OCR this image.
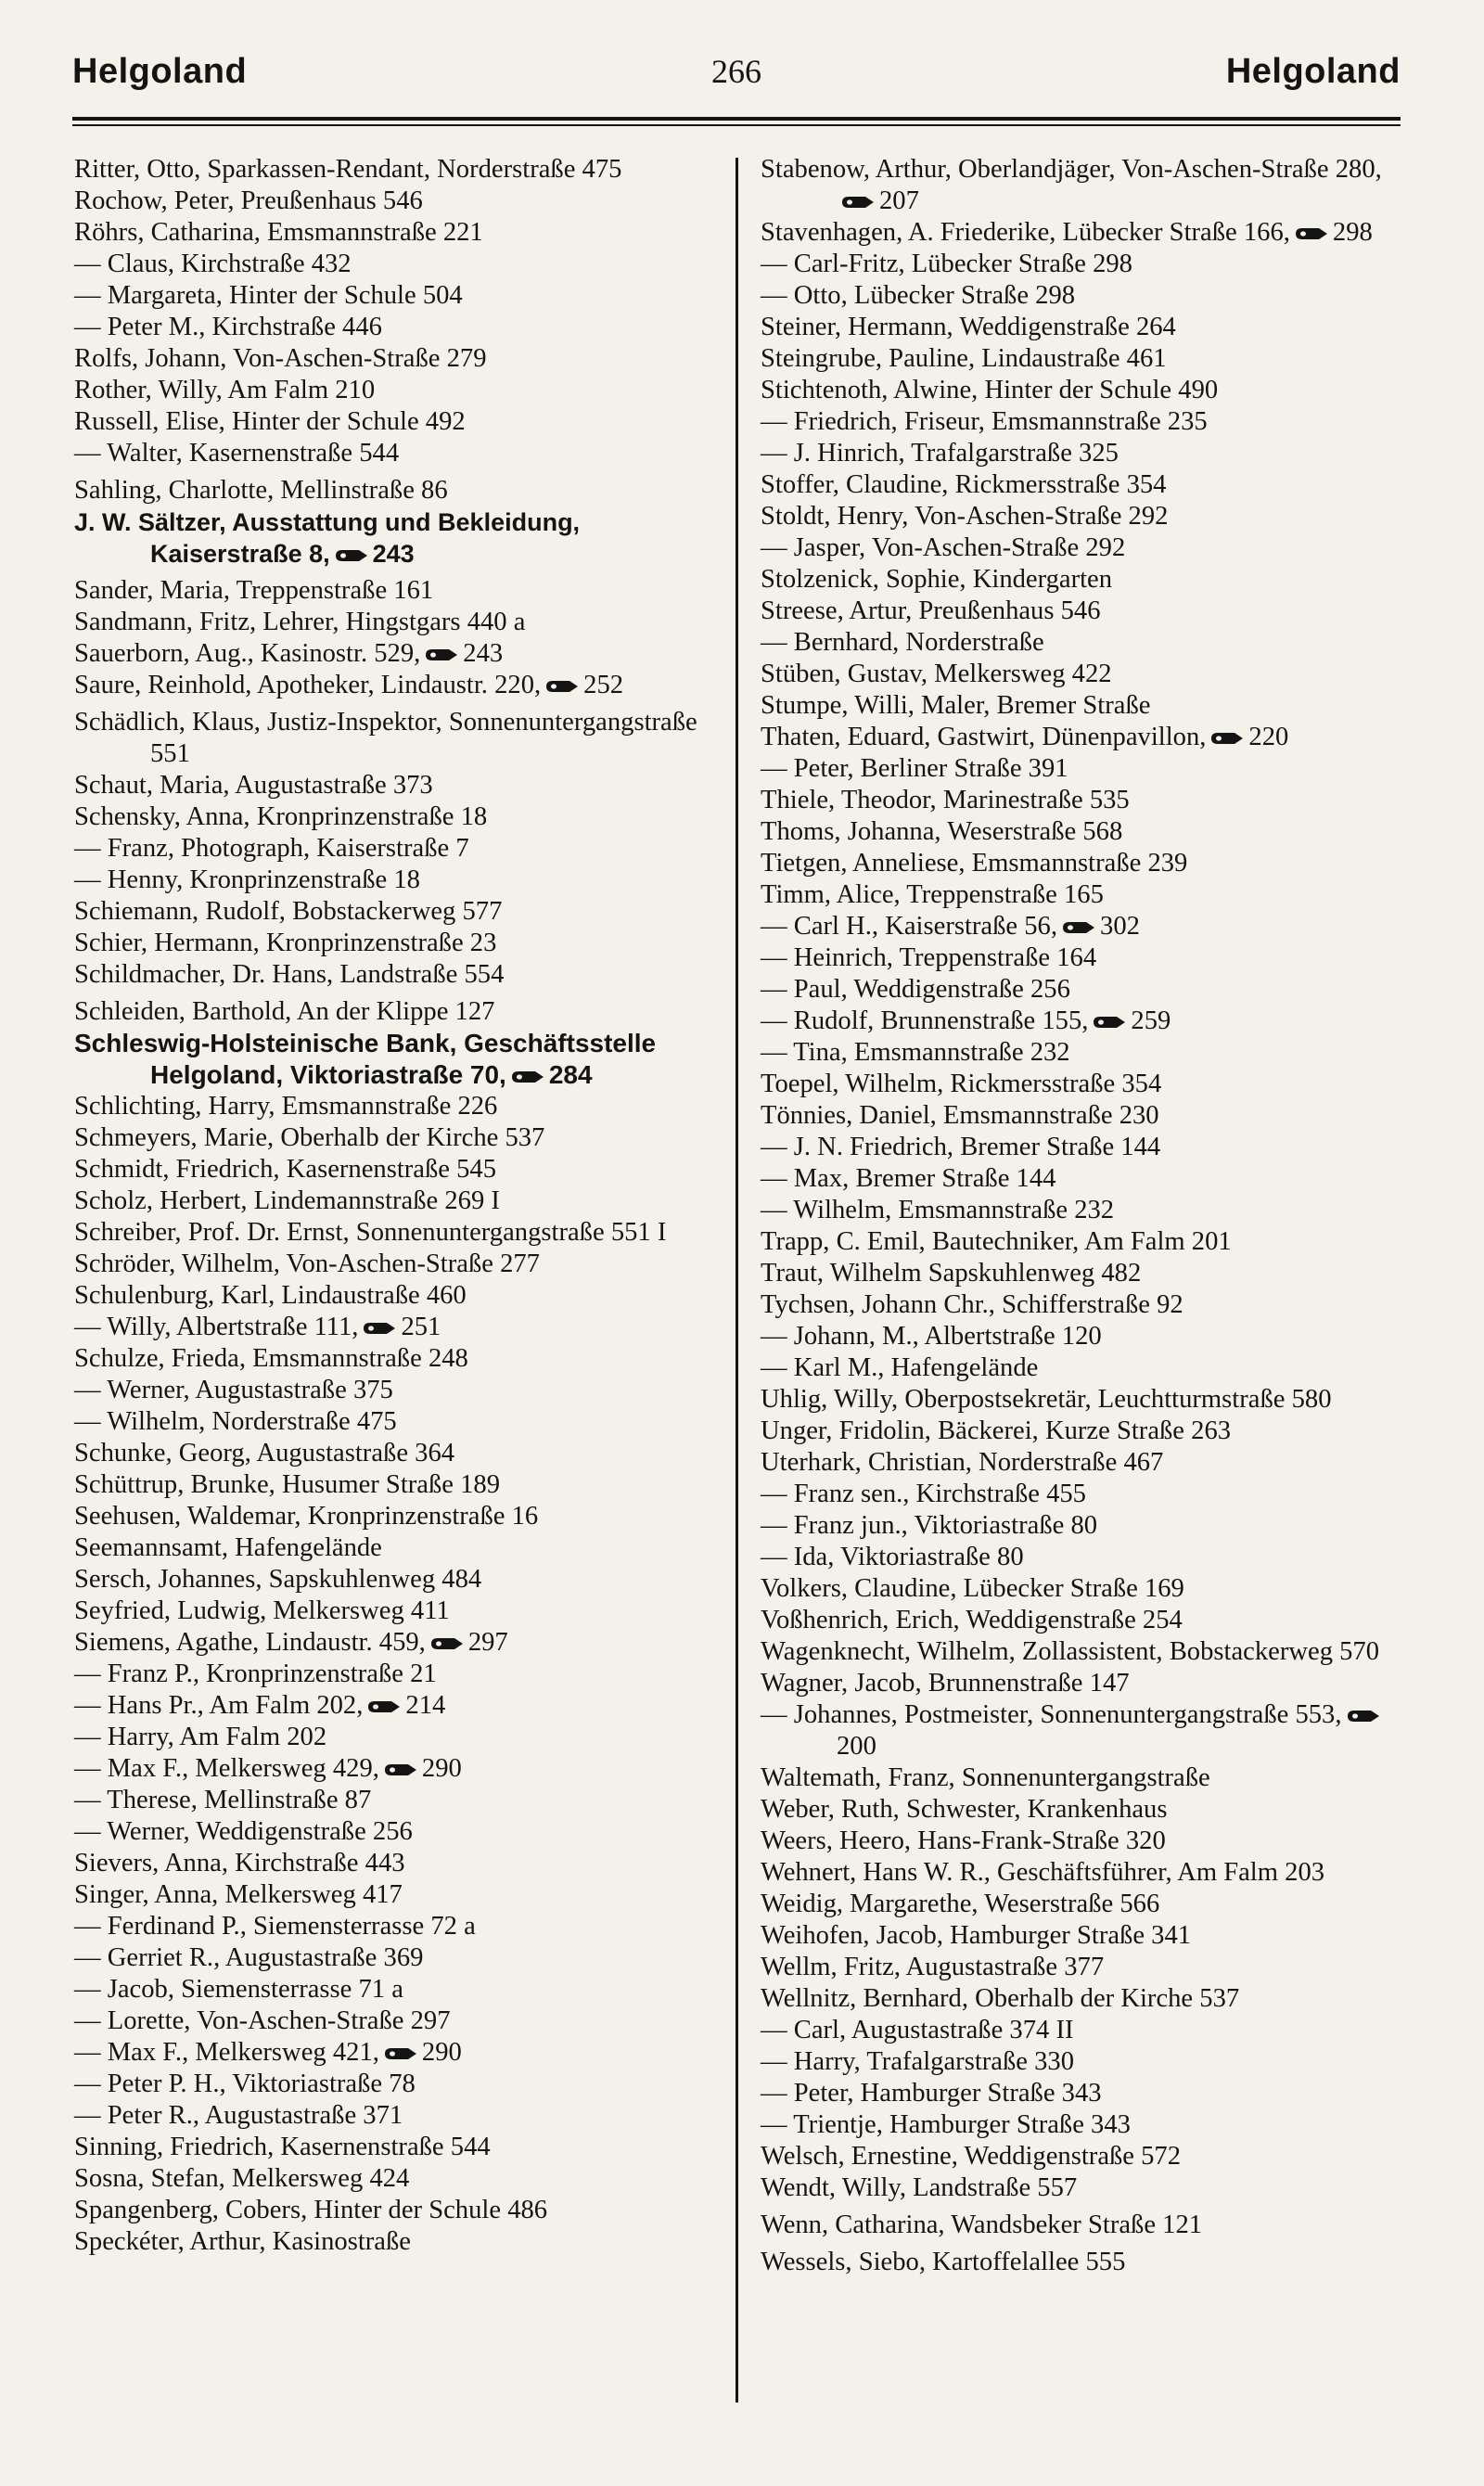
Helgoland	266	Helgoland

Ritter, Otto, Sparkassen-Rendant, Norderstraße 475

Rochow, Peter, Preußenhaus 546

Röhrs, Catharina, Emsmannstraße 221

— Claus, Kirchstraße 432

— Margareta, Hinter der Schule 504

— Peter M., Kirchstraße 446

Rolfs, Johann, Von-Aschen-Straße 279

Rother, Willy, Am Falm 210

Russell, Elise, Hinter der Schule 492

— Walter, Kasernenstraße 544

Sahling, Charlotte, Mellinstraße 86

J. W. Sältzer, Ausstattung und Bekleidung, Kaiserstraße 8, 243

Sander, Maria, Treppenstraße 161

Sandmann, Fritz, Lehrer, Hingstgars 440 a

Sauerborn, Aug., Kasinostr. 529, 243

Saure, Reinhold, Apotheker, Lindaustr. 220, 252

Schädlich, Klaus, Justiz-Inspektor, Sonnenuntergangstraße 551

Schaut, Maria, Augustastraße 373

Schensky, Anna, Kronprinzenstraße 18

— Franz, Photograph, Kaiserstraße 7

— Henny, Kronprinzenstraße 18

Schiemann, Rudolf, Bobstackerweg 577

Schier, Hermann, Kronprinzenstraße 23

Schildmacher, Dr. Hans, Landstraße 554

Schleiden, Barthold, An der Klippe 127

Schleswig-Holsteinische Bank, Geschäftsstelle Helgoland, Viktoriastraße 70, 284

Schlichting, Harry, Emsmannstraße 226

Schmeyers, Marie, Oberhalb der Kirche 537

Schmidt, Friedrich, Kasernenstraße 545

Scholz, Herbert, Lindemannstraße 269 I

Schreiber, Prof. Dr. Ernst, Sonnenuntergangstraße 551 I

Schröder, Wilhelm, Von-Aschen-Straße 277

Schulenburg, Karl, Lindaustraße 460

— Willy, Albertstraße 111, 251

Schulze, Frieda, Emsmannstraße 248

— Werner, Augustastraße 375

— Wilhelm, Norderstraße 475

Schunke, Georg, Augustastraße 364

Schüttrup, Brunke, Husumer Straße 189

Seehusen, Waldemar, Kronprinzenstraße 16

Seemannsamt, Hafengelände

Sersch, Johannes, Sapskuhlenweg 484

Seyfried, Ludwig, Melkersweg 411

Siemens, Agathe, Lindaustr. 459, 297

— Franz P., Kronprinzenstraße 21

— Hans Pr., Am Falm 202, 214

— Harry, Am Falm 202

— Max F., Melkersweg 429, 290

— Therese, Mellinstraße 87

— Werner, Weddigenstraße 256

Sievers, Anna, Kirchstraße 443

Singer, Anna, Melkersweg 417

— Ferdinand P., Siemensterrasse 72 a

— Gerriet R., Augustastraße 369

— Jacob, Siemensterrasse 71 a

— Lorette, Von-Aschen-Straße 297

— Max F., Melkersweg 421, 290

— Peter P. H., Viktoriastraße 78

— Peter R., Augustastraße 371

Sinning, Friedrich, Kasernenstraße 544

Sosna, Stefan, Melkersweg 424

Spangenberg, Cobers, Hinter der Schule 486

Speckéter, Arthur, Kasinostraße

Stabenow, Arthur, Oberlandjäger, Von-Aschen-Straße 280,207

Stavenhagen, A. Friederike, Lübecker Straße 166, 298

— Carl-Fritz, Lübecker Straße 298

— Otto, Lübecker Straße 298

Steiner, Hermann, Weddigenstraße 264

Steingrube, Pauline, Lindaustraße 461

Stichtenoth, Alwine, Hinter der Schule 490

— Friedrich, Friseur, Emsmannstraße 235

— J. Hinrich, Trafalgarstraße 325

Stoffer, Claudine, Rickmersstraße 354

Stoldt, Henry, Von-Aschen-Straße 292

— Jasper, Von-Aschen-Straße 292

Stolzenick, Sophie, Kindergarten

Streese, Artur, Preußenhaus 546

— Bernhard, Norderstraße

Stüben, Gustav, Melkersweg 422

Stumpe, Willi, Maler, Bremer Straße

Thaten, Eduard, Gastwirt, Dünenpavillon, 220

— Peter, Berliner Straße 391

Thiele, Theodor, Marinestraße 535

Thoms, Johanna, Weserstraße 568

Tietgen, Anneliese, Emsmannstraße 239

Timm, Alice, Treppenstraße 165

— Carl H., Kaiserstraße 56, 302

— Heinrich, Treppenstraße 164

— Paul, Weddigenstraße 256

— Rudolf, Brunnenstraße 155, 259

— Tina, Emsmannstraße 232

Toepel, Wilhelm, Rickmersstraße 354

Tönnies, Daniel, Emsmannstraße 230

— J. N. Friedrich, Bremer Straße 144

— Max, Bremer Straße 144

— Wilhelm, Emsmannstraße 232

Trapp, C. Emil, Bautechniker, Am Falm 201

Traut, Wilhelm Sapskuhlenweg 482

Tychsen, Johann Chr., Schifferstraße 92

— Johann, M., Albertstraße 120

— Karl M., Hafengelände

Uhlig, Willy, Oberpostsekretär, Leuchtturmstraße 580

Unger, Fridolin, Bäckerei, Kurze Straße 263

Uterhark, Christian, Norderstraße 467

— Franz sen., Kirchstraße 455

— Franz jun., Viktoriastraße 80

— Ida, Viktoriastraße 80

Volkers, Claudine, Lübecker Straße 169

Voßhenrich, Erich, Weddigenstraße 254

Wagenknecht, Wilhelm, Zollassistent, Bobstackerweg 570

Wagner, Jacob, Brunnenstraße 147

— Johannes, Postmeister, Sonnenuntergangstraße 553,200

Waltemath, Franz, Sonnenuntergangstraße

Weber, Ruth, Schwester, Krankenhaus

Weers, Heero, Hans-Frank-Straße 320

Wehnert, Hans W. R., Geschäftsführer, Am Falm 203

Weidig, Margarethe, Weserstraße 566

Weihofen, Jacob, Hamburger Straße 341

Wellm, Fritz, Augustastraße 377

Wellnitz, Bernhard, Oberhalb der Kirche 537

— Carl, Augustastraße 374 II

— Harry, Trafalgarstraße 330

— Peter, Hamburger Straße 343

— Trientje, Hamburger Straße 343

Welsch, Ernestine, Weddigenstraße 572

Wendt, Willy, Landstraße 557

Wenn, Catharina, Wandsbeker Straße 121

Wessels, Siebo, Kartoffelallee 555
